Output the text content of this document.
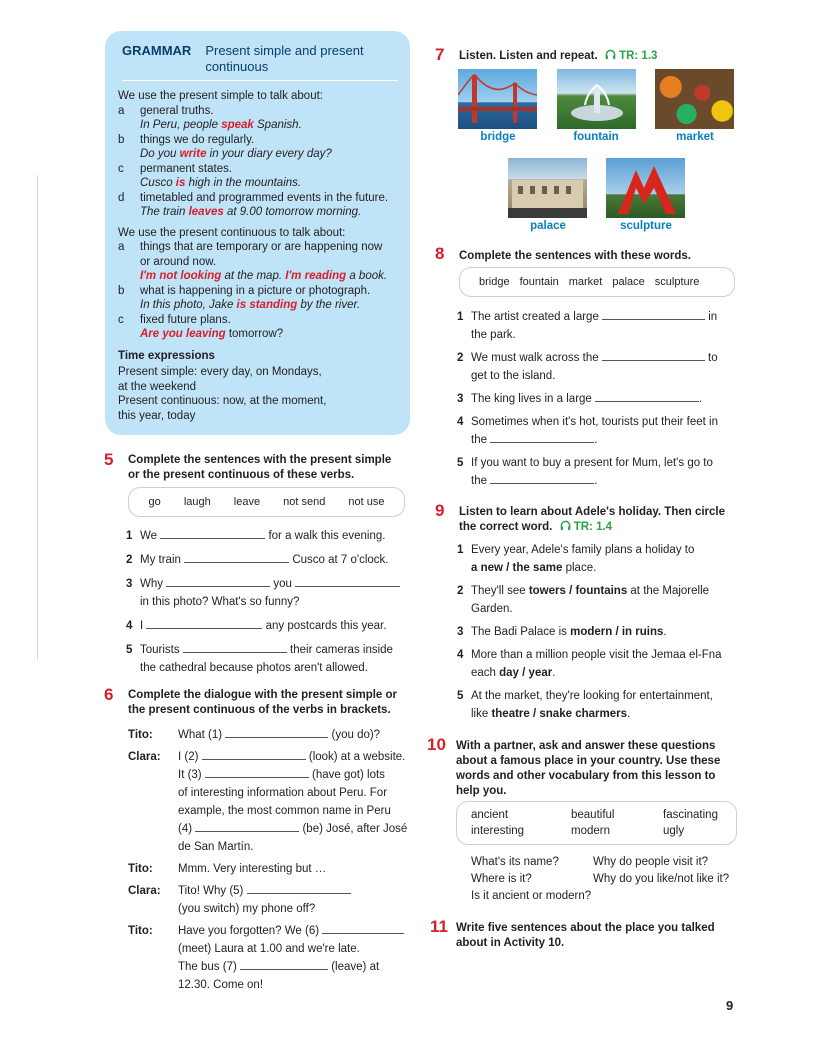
GRAMMAR Present simple and present continuous
We use the present simple to talk about:
a	general truths.
In Peru, people speak Spanish.
b	things we do regularly.
Do you write in your diary every day?
c	permanent states.
Cusco is high in the mountains.
d	timetabled and programmed events in the future.
The train leaves at 9.00 tomorrow morning.
We use the present continuous to talk about:
a	things that are temporary or are happening now
or around now.
I'm not looking at the map. I'm reading a book.
b	what is happening in a picture or photograph.
In this photo, Jake is standing by the river.
c	fixed future plans.
Are you leaving tomorrow?
Time expressions
Present simple: every day, on Mondays,
at the weekend
Present continuous: now, at the moment,
this year, today
5 Complete the sentences with the present simple
or the present continuous of these verbs.
go laugh leave not send not use
1 We	for a walk this evening.
2 My train	Cusco at 7 o'clock.
3 Why	you
in this photo? What's so funny?
4 I	any postcards this year.
5 Tourists	their cameras inside
the cathedral because photos aren't allowed.
6 Complete the dialogue with the present simple or
the present continuous of the verbs in brackets.
Tito:	What (1)	(you do)?
Clara:	I (2)	(look) at a website.
It (3)	(have got) lots
of interesting information about Peru. For
example, the most common name in Peru
(4)	(be) José, after José
de San Martín.
Tito:	Mmm. Very interesting but …
Clara:	Tito! Why (5)
(you switch) my phone off?
Tito:	Have you forgotten? We (6)
(meet) Laura at 1.00 and we're late.
The bus (7)	(leave) at
12.30. Come on!
7 Listen. Listen and repeat. TR: 1.3
bridge	fountain	market
palace	sculpture
8 Complete the sentences with these words.
bridge fountain market palace sculpture
1 The artist created a large	in
the park.
2 We must walk across the	to
get to the island.
3 The king lives in a large	.
4 Sometimes when it's hot, tourists put their feet in
the	.
5 If you want to buy a present for Mum, let's go to
the	.
9 Listen to learn about Adele's holiday. Then circle
the correct word. TR: 1.4
1 Every year, Adele's family plans a holiday to
a new / the same place.
2 They'll see towers / fountains at the Majorelle
Garden.
3 The Badi Palace is modern / in ruins.
4 More than a million people visit the Jemaa el-Fna
each day / year.
5 At the market, they're looking for entertainment,
like theatre / snake charmers.
10 With a partner, ask and answer these questions
about a famous place in your country. Use these
words and other vocabulary from this lesson to
help you.
ancient	beautiful	fascinating
interesting	modern	ugly
What's its name?	Why do people visit it?
Where is it?	Why do you like/not like it?
Is it ancient or modern?
11 Write five sentences about the place you talked
about in Activity 10.
9
